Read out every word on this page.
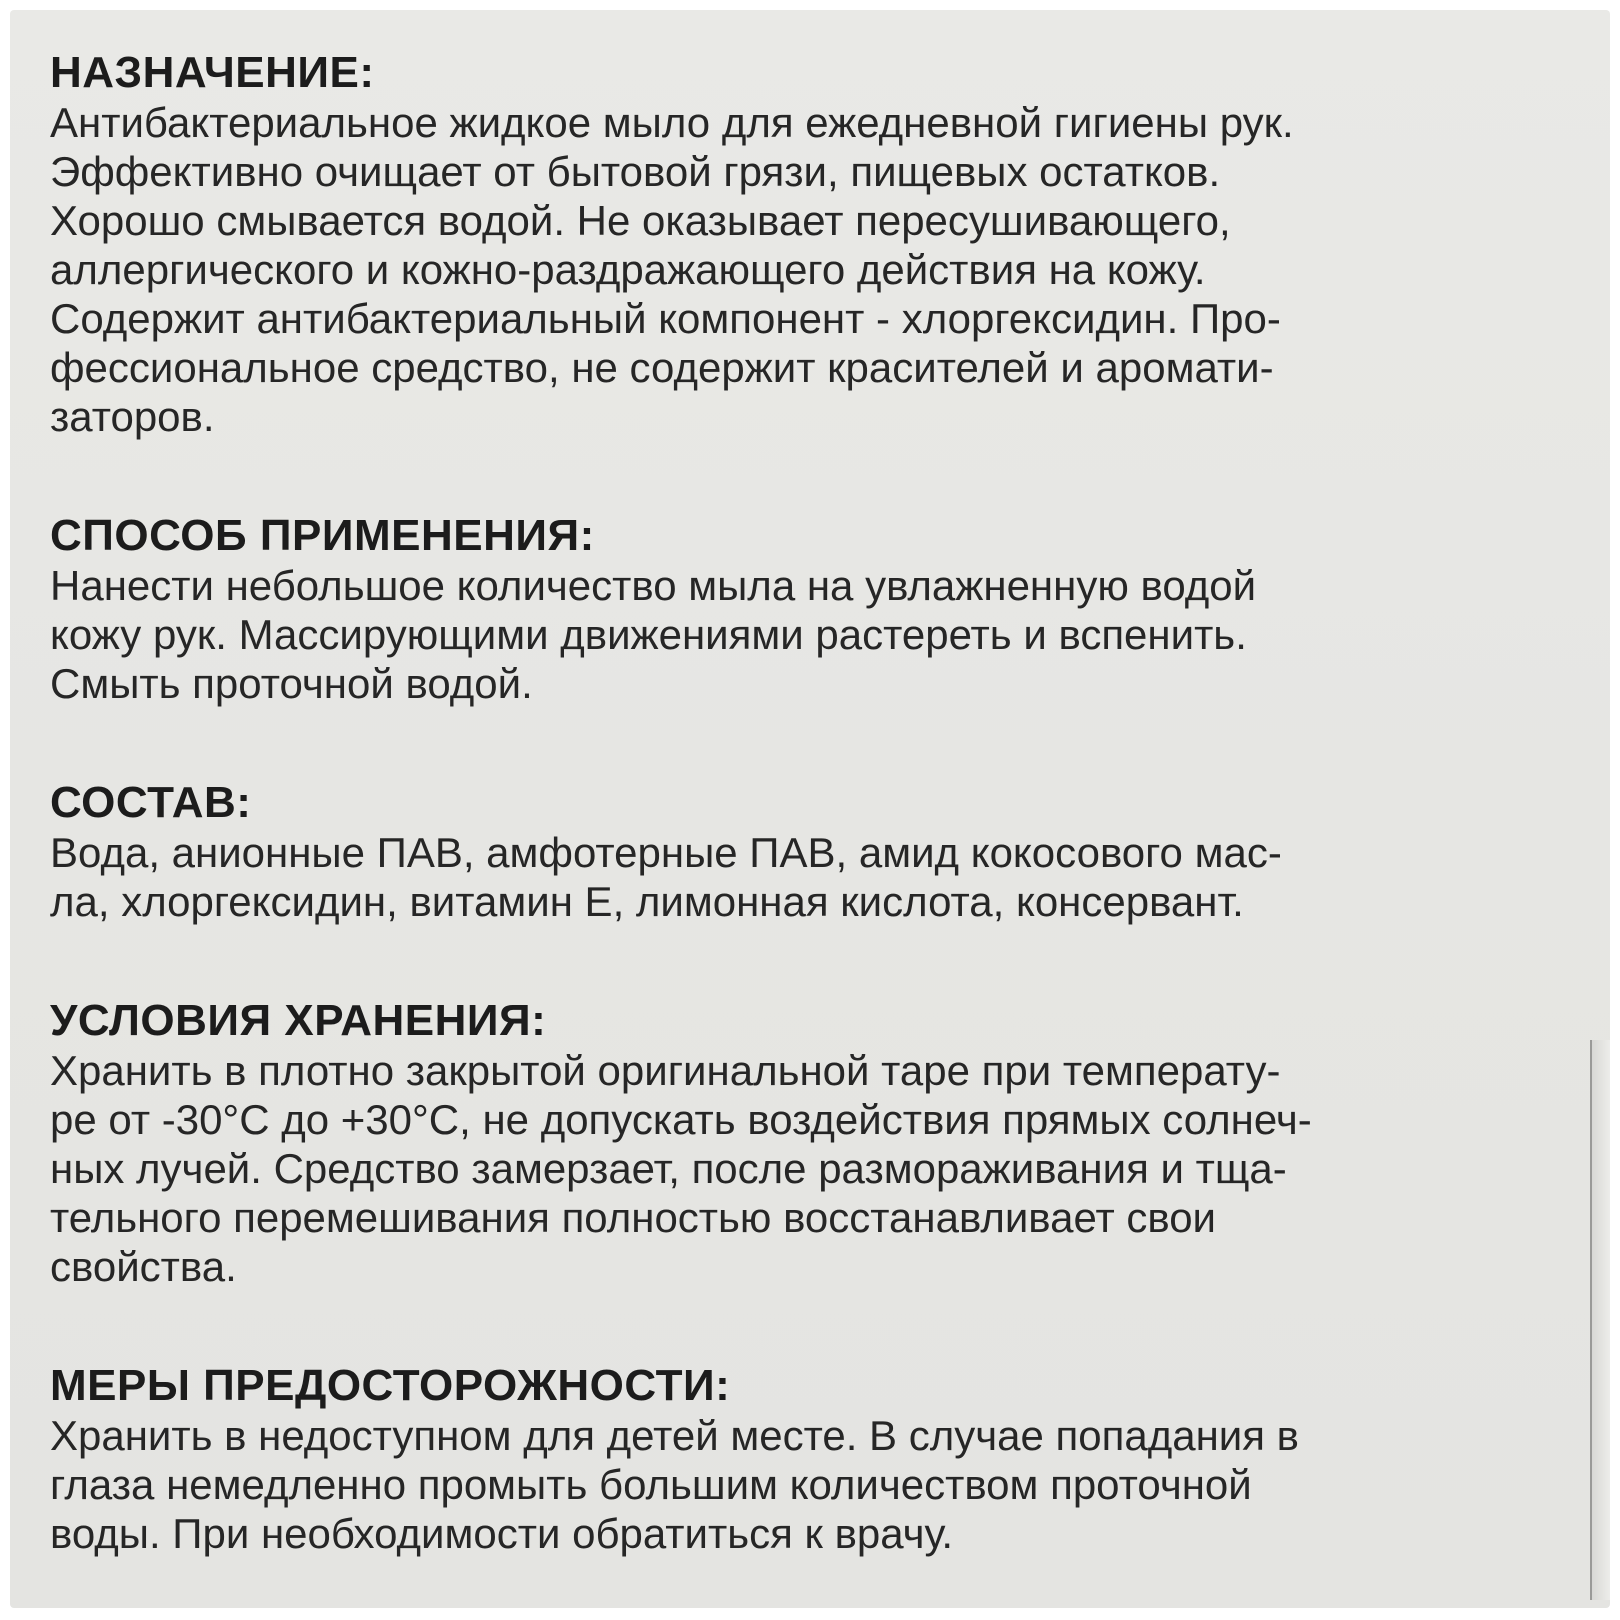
НАЗНАЧЕНИЕ:

Антибактериальное жидкое мыло для ежедневной гигиены рук.
Эффективно очищает от бытовой грязи, пищевых остатков.
Хорошо смывается водой. Не оказывает пересушивающего,
аллергического и кожно-раздражающего действия на кожу.
Содержит антибактериальный компонент - хлоргексидин. Про-
фессиональное средство, не содержит красителей и аромати-
заторов.

СПОСОБ ПРИМЕНЕНИЯ:

Нанести небольшое количество мыла на увлажненную водой
кожу рук. Массирующими движениями растереть и вспенить.
Смыть проточной водой.

СОСТАВ:

Вода, анионные ПАВ, амфотерные ПАВ, амид кокосового мас-
ла, хлоргексидин, витамин Е, лимонная кислота, консервант.

УСЛОВИЯ ХРАНЕНИЯ:

Хранить в плотно закрытой оригинальной таре при температу-
ре от -30°С до +30°С, не допускать воздействия прямых солнеч-
ных лучей. Средство замерзает, после размораживания и тща-
тельного перемешивания полностью восстанавливает свои
свойства.

МЕРЫ ПРЕДОСТОРОЖНОСТИ:

Хранить в недоступном для детей месте. В случае попадания в
глаза немедленно промыть большим количеством проточной
воды. При необходимости обратиться к врачу.
